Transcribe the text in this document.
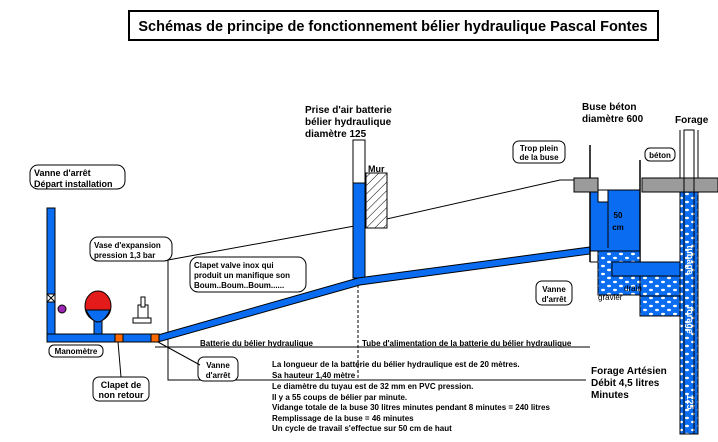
Schémas de principe de fonctionnement bélier hydraulique Pascal Fontes
Mur
Prise d'air batterie
bélier hydraulique
diamètre 125
50
cm
drain
gravier
tubage
forage
125
Buse béton
diamètre 600	Forage
Trop plein
de la buse	béton
Vanne
d'arrêt
Vanne d'arrêt
Départ installation
Vase d'expansion
pression 1,3 bar
Clapet valve inox qui
produit un manifique son
Boum..Boum..Boum......
Manomètre
Clapet de
non retour
Vanne
d'arrêt
Batterie du bélier hydraulique	Tube d'alimentation de la batterie du bélier hydraulique
Forage Artésien
Débit 4,5 litres
Minutes
La longueur de la batterie du bélier hydraulique est de 20 mètres.
Sa hauteur 1,40 mètre
Le diamètre du tuyau est de 32 mm en PVC pression.
Il y a 55 coups de bélier par minute.
Vidange totale de la buse 30 litres minutes pendant 8 minutes = 240 litres
Remplissage de la buse = 46 minutes
Un cycle de travail s'effectue sur 50 cm de haut
